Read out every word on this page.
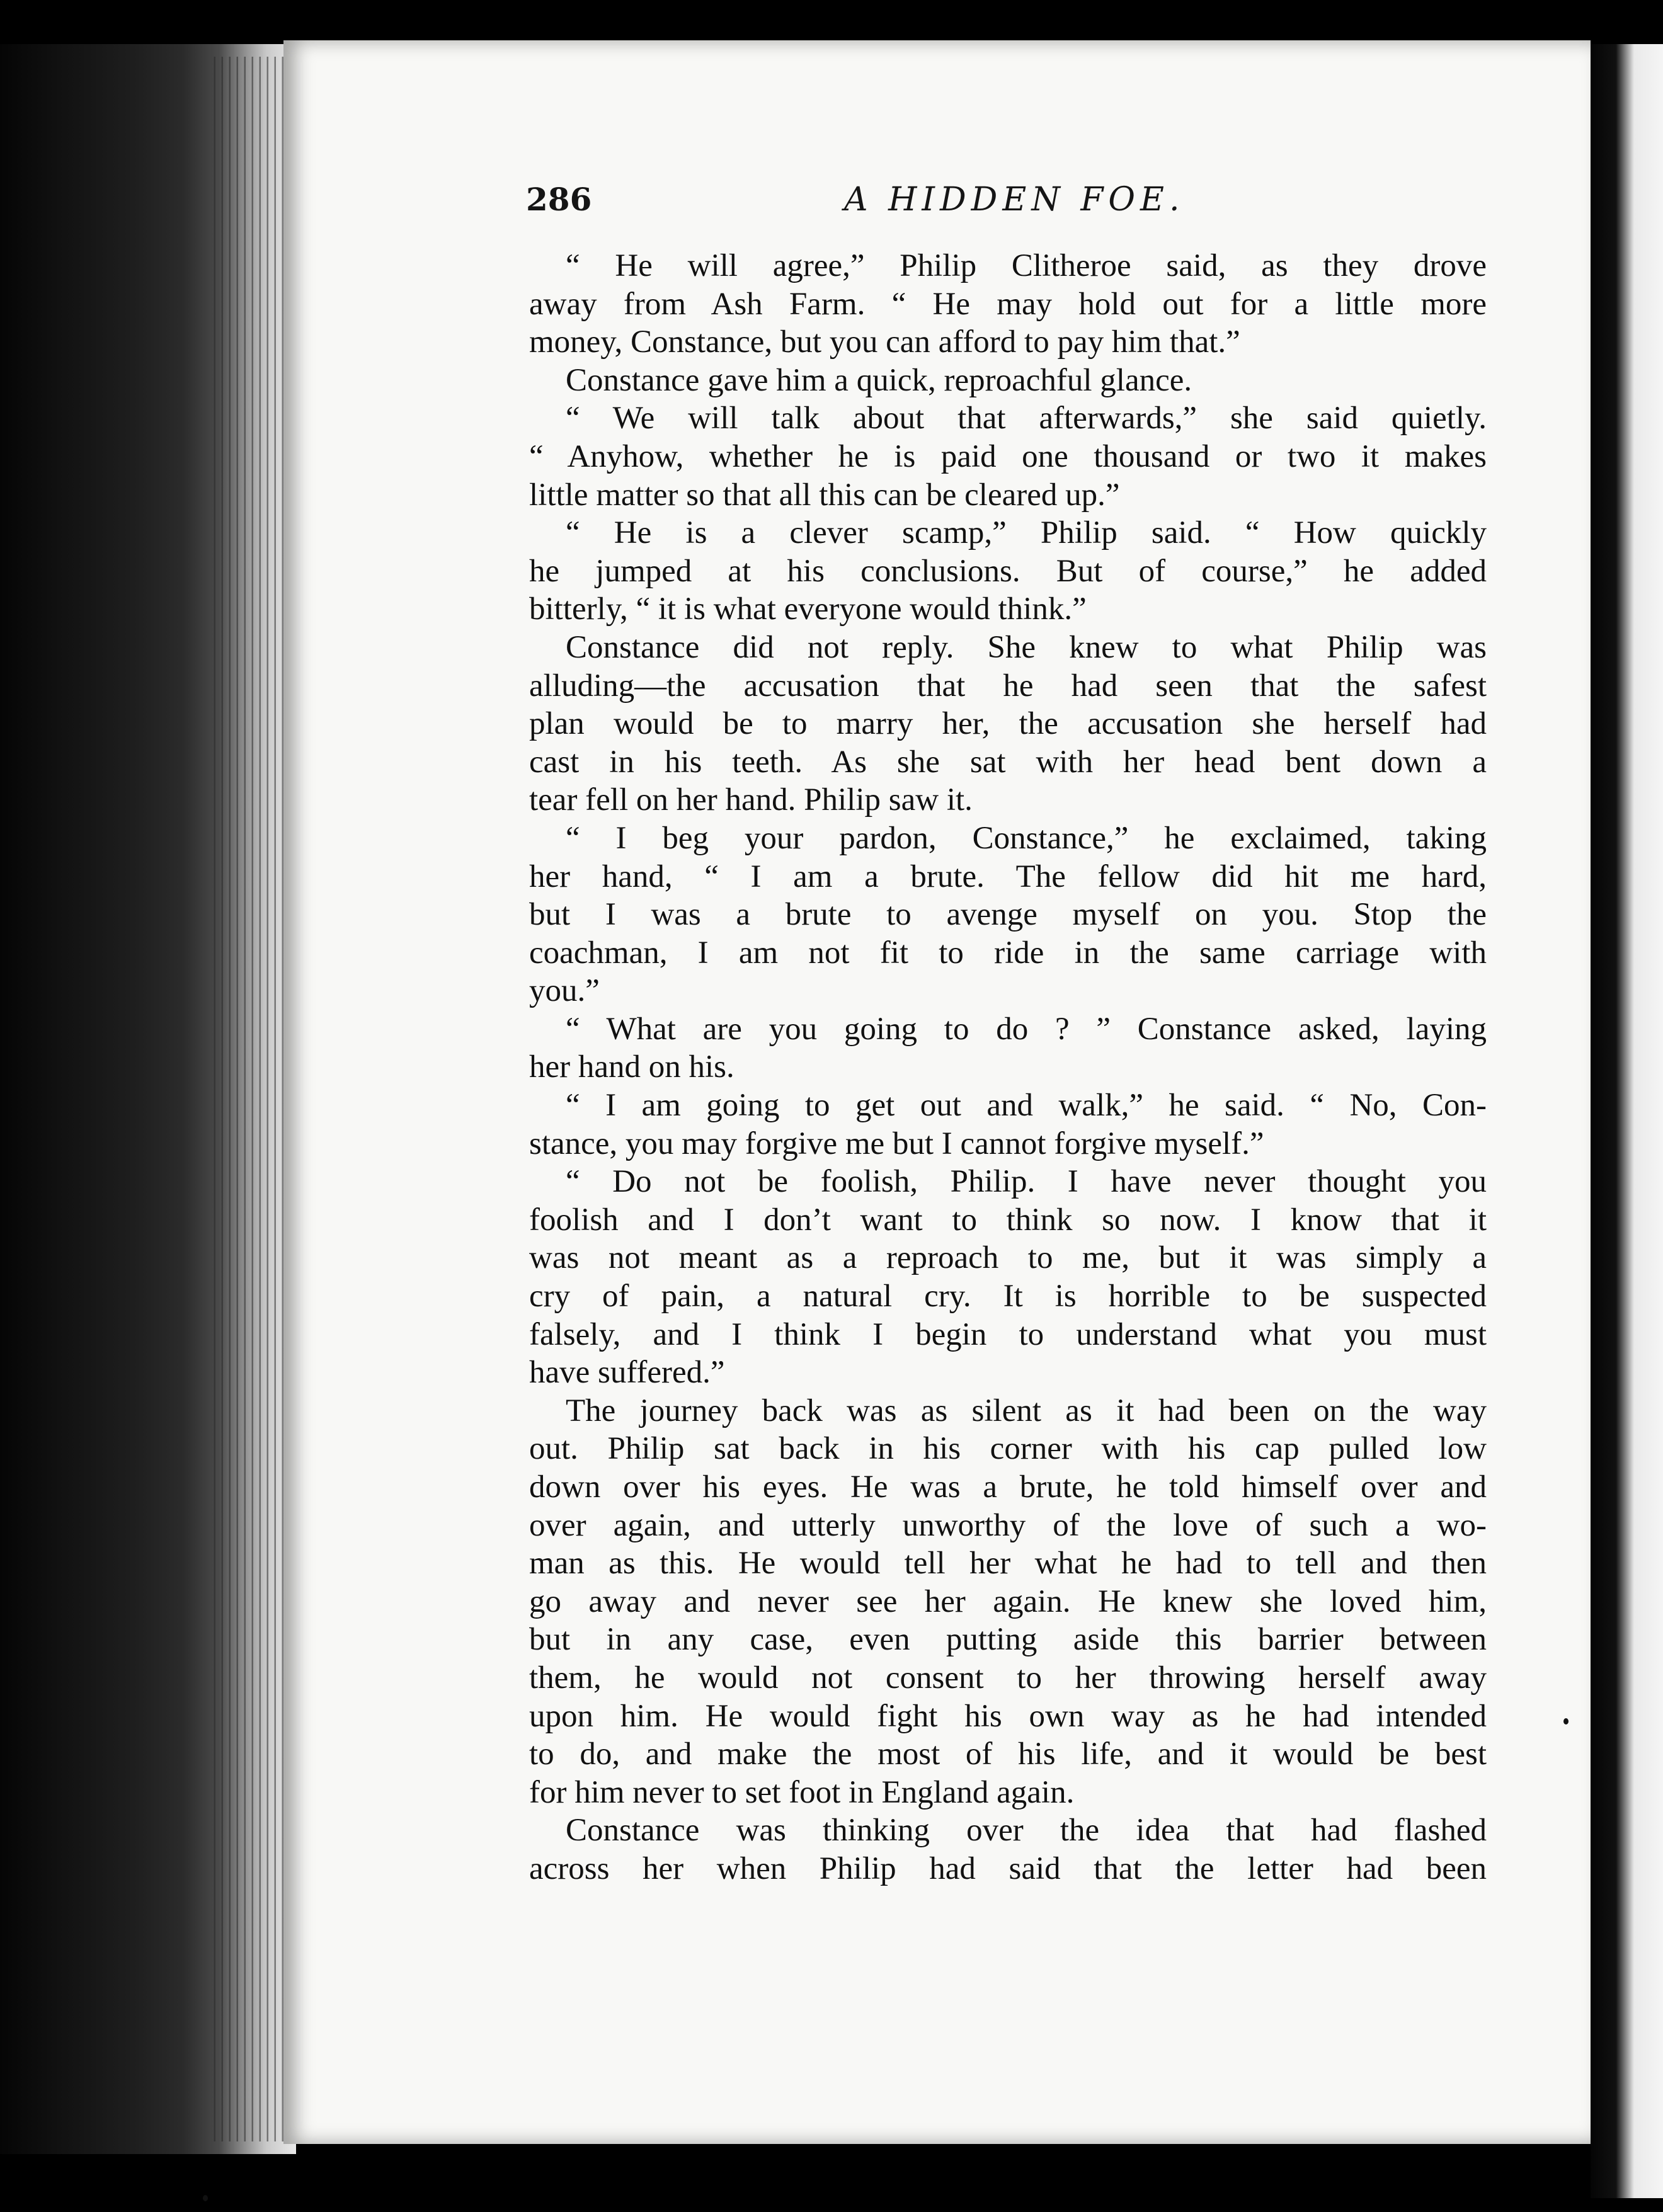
286	A HIDDEN FOE.
“ He will agree,” Philip Clitheroe said, as they drove
away from Ash Farm. “ He may hold out for a little more
money, Constance, but you can afford to pay him that.”
Constance gave him a quick, reproachful glance.
“ We will talk about that afterwards,” she said quietly.
“ Anyhow, whether he is paid one thousand or two it makes
little matter so that all this can be cleared up.”
“ He is a clever scamp,” Philip said. “ How quickly
he jumped at his conclusions. But of course,” he added
bitterly, “ it is what everyone would think.”
Constance did not reply. She knew to what Philip was
alluding—the accusation that he had seen that the safest
plan would be to marry her, the accusation she herself had
cast in his teeth. As she sat with her head bent down a
tear fell on her hand. Philip saw it.
“ I beg your pardon, Constance,” he exclaimed, taking
her hand, “ I am a brute. The fellow did hit me hard,
but I was a brute to avenge myself on you. Stop the
coachman, I am not fit to ride in the same carriage with
you.”
“ What are you going to do ? ” Constance asked, laying
her hand on his.
“ I am going to get out and walk,” he said. “ No, Con-
stance, you may forgive me but I cannot forgive myself.”
“ Do not be foolish, Philip. I have never thought you
foolish and I don’t want to think so now. I know that it
was not meant as a reproach to me, but it was simply a
cry of pain, a natural cry. It is horrible to be suspected
falsely, and I think I begin to understand what you must
have suffered.”
The journey back was as silent as it had been on the way
out. Philip sat back in his corner with his cap pulled low
down over his eyes. He was a brute, he told himself over and
over again, and utterly unworthy of the love of such a wo-
man as this. He would tell her what he had to tell and then
go away and never see her again. He knew she loved him,
but in any case, even putting aside this barrier between
them, he would not consent to her throwing herself away
upon him. He would fight his own way as he had intended
to do, and make the most of his life, and it would be best
for him never to set foot in England again.
Constance was thinking over the idea that had flashed
across her when Philip had said that the letter had been
